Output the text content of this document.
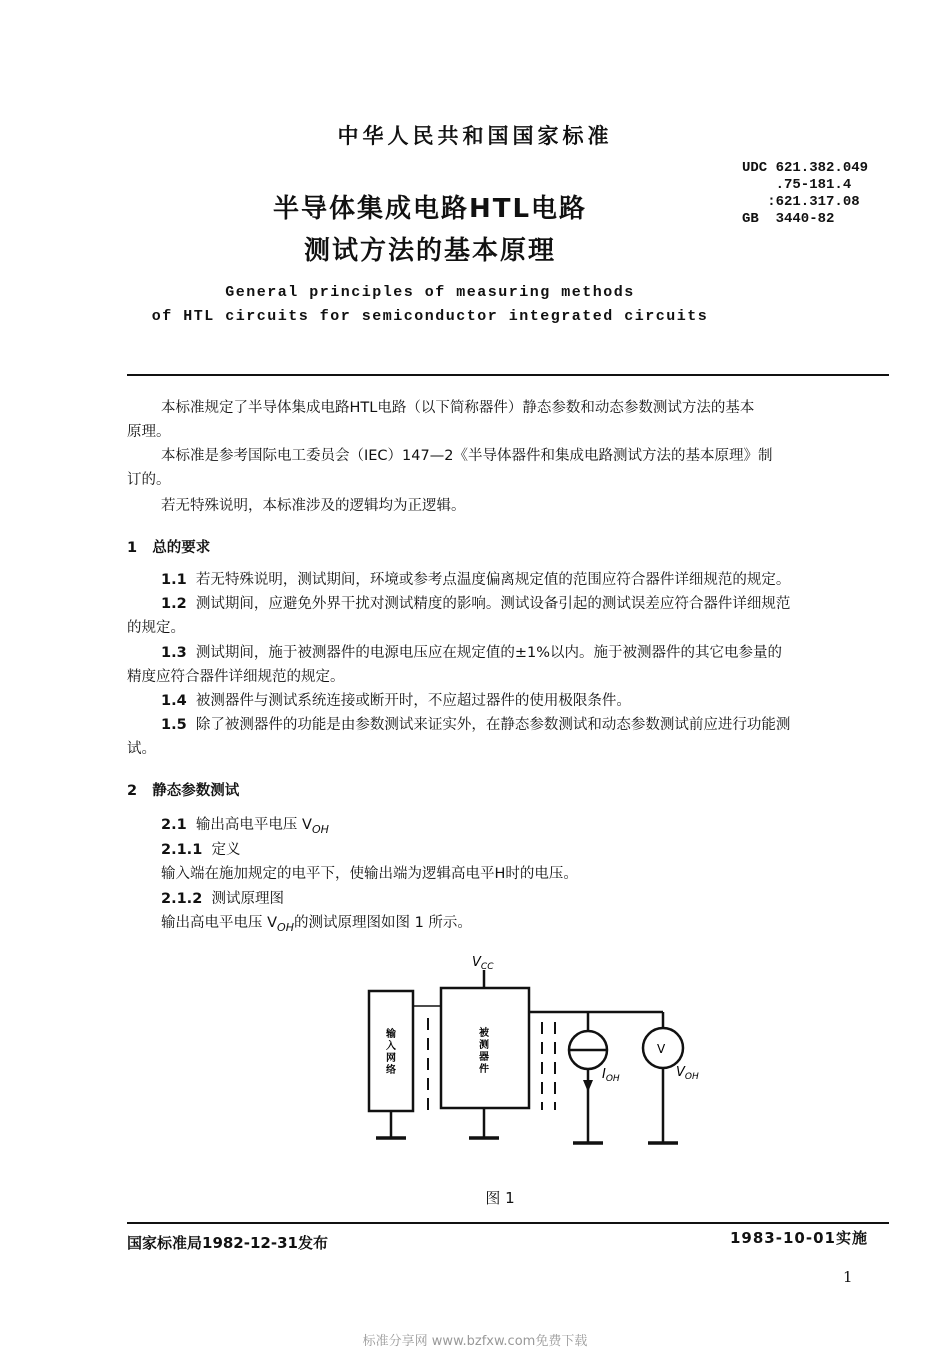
中华人民共和国国家标准
UDC 621.382.049
.75-181.4
:621.317.08
GB  3440-82
半导体集成电路HTL电路
测试方法的基本原理
General principles of measuring methods
of HTL circuits for semiconductor integrated circuits
本标准规定了半导体集成电路HTL电路（以下简称器件）静态参数和动态参数测试方法的基本
原理。
本标准是参考国际电工委员会（IEC）147—2《半导体器件和集成电路测试方法的基本原理》制
订的。
若无特殊说明，本标准涉及的逻辑均为正逻辑。
1 总的要求
1.1 若无特殊说明，测试期间，环境或参考点温度偏离规定值的范围应符合器件详细规范的规定。
1.2 测试期间，应避免外界干扰对测试精度的影响。测试设备引起的测试误差应符合器件详细规范
的规定。
1.3 测试期间，施于被测器件的电源电压应在规定值的±1%以内。施于被测器件的其它电参量的
精度应符合器件详细规范的规定。
1.4 被测器件与测试系统连接或断开时，不应超过器件的使用极限条件。
1.5 除了被测器件的功能是由参数测试来证实外，在静态参数测试和动态参数测试前应进行功能测
试。
2 静态参数测试
2.1 输出高电平电压 $V_{OH}$
2.1.1 定义
输入端在施加规定的电平下，使输出端为逻辑高电平H时的电压。
2.1.2 测试原理图
输出高电平电压 $V_{OH}$的测试原理图如图 1 所示。
$V_{CC}$
V
$I_{OH}$	$V_{OH}$
输
入
网
络
被
测
器
件
图 1
国家标准局1982-12-31发布	1983-10-01实施
1
标准分享网 www.bzfxw.com免费下载
